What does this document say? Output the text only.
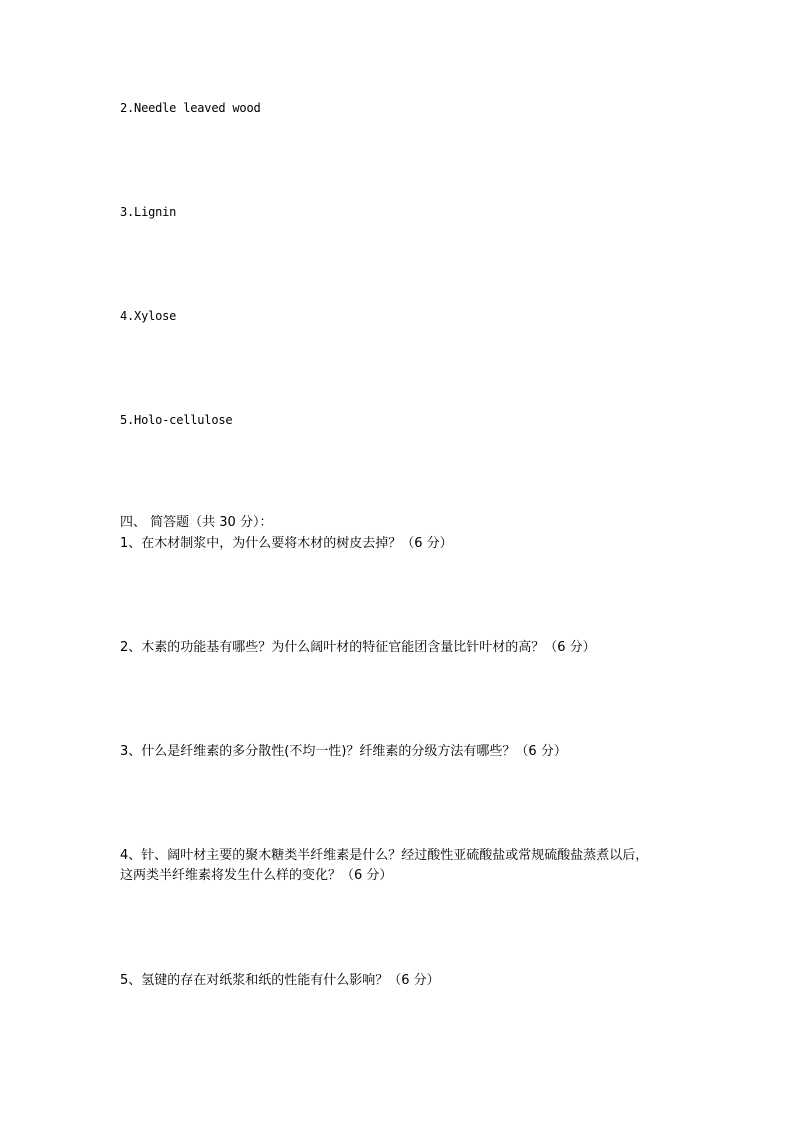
2.Needle leaved wood
3.Lignin
4.Xylose
5.Holo-cellulose
四、 简答题（共 30 分）：
1、在木材制浆中，为什么要将木材的树皮去掉？（6 分）
2、木素的功能基有哪些？为什么阔叶材的特征官能团含量比针叶材的高？（6 分）
3、什么是纤维素的多分散性(不均一性)？纤维素的分级方法有哪些？（6 分）
4、针、阔叶材主要的聚木糖类半纤维素是什么？经过酸性亚硫酸盐或常规硫酸盐蒸煮以后，
这两类半纤维素将发生什么样的变化？（6 分）
5、氢键的存在对纸浆和纸的性能有什么影响？（6 分）
